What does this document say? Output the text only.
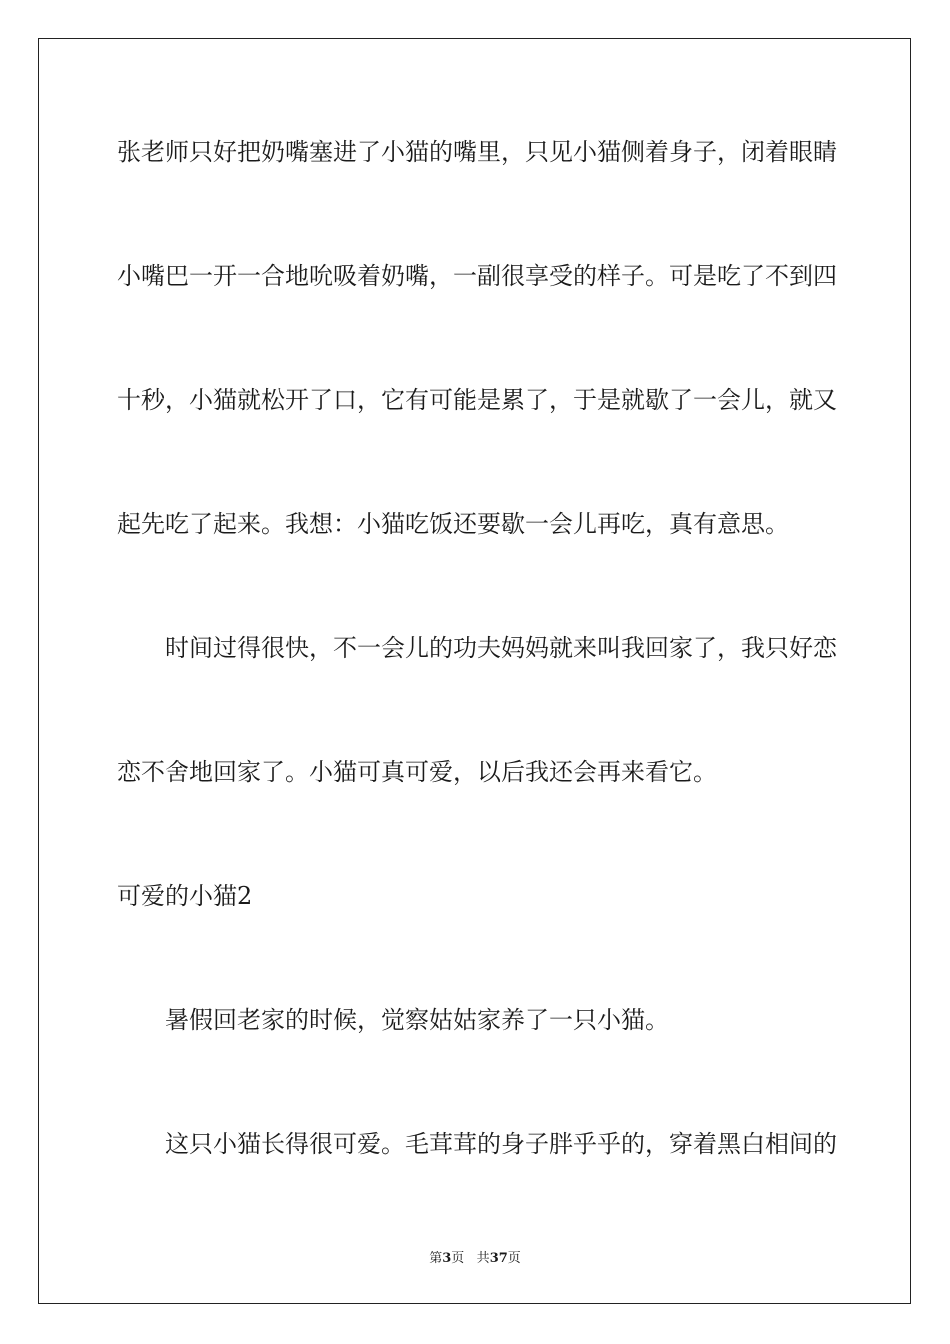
张老师只好把奶嘴塞进了小猫的嘴里，只见小猫侧着身子，闭着眼睛
小嘴巴一开一合地吮吸着奶嘴，一副很享受的样子。可是吃了不到四
十秒，小猫就松开了口，它有可能是累了，于是就歇了一会儿，就又
起先吃了起来。我想：小猫吃饭还要歇一会儿再吃，真有意思。
时间过得很快，不一会儿的功夫妈妈就来叫我回家了，我只好恋
恋不舍地回家了。小猫可真可爱，以后我还会再来看它。
可爱的小猫2
暑假回老家的时候，觉察姑姑家养了一只小猫。
这只小猫长得很可爱。毛茸茸的身子胖乎乎的，穿着黑白相间的
第3页 共37页
